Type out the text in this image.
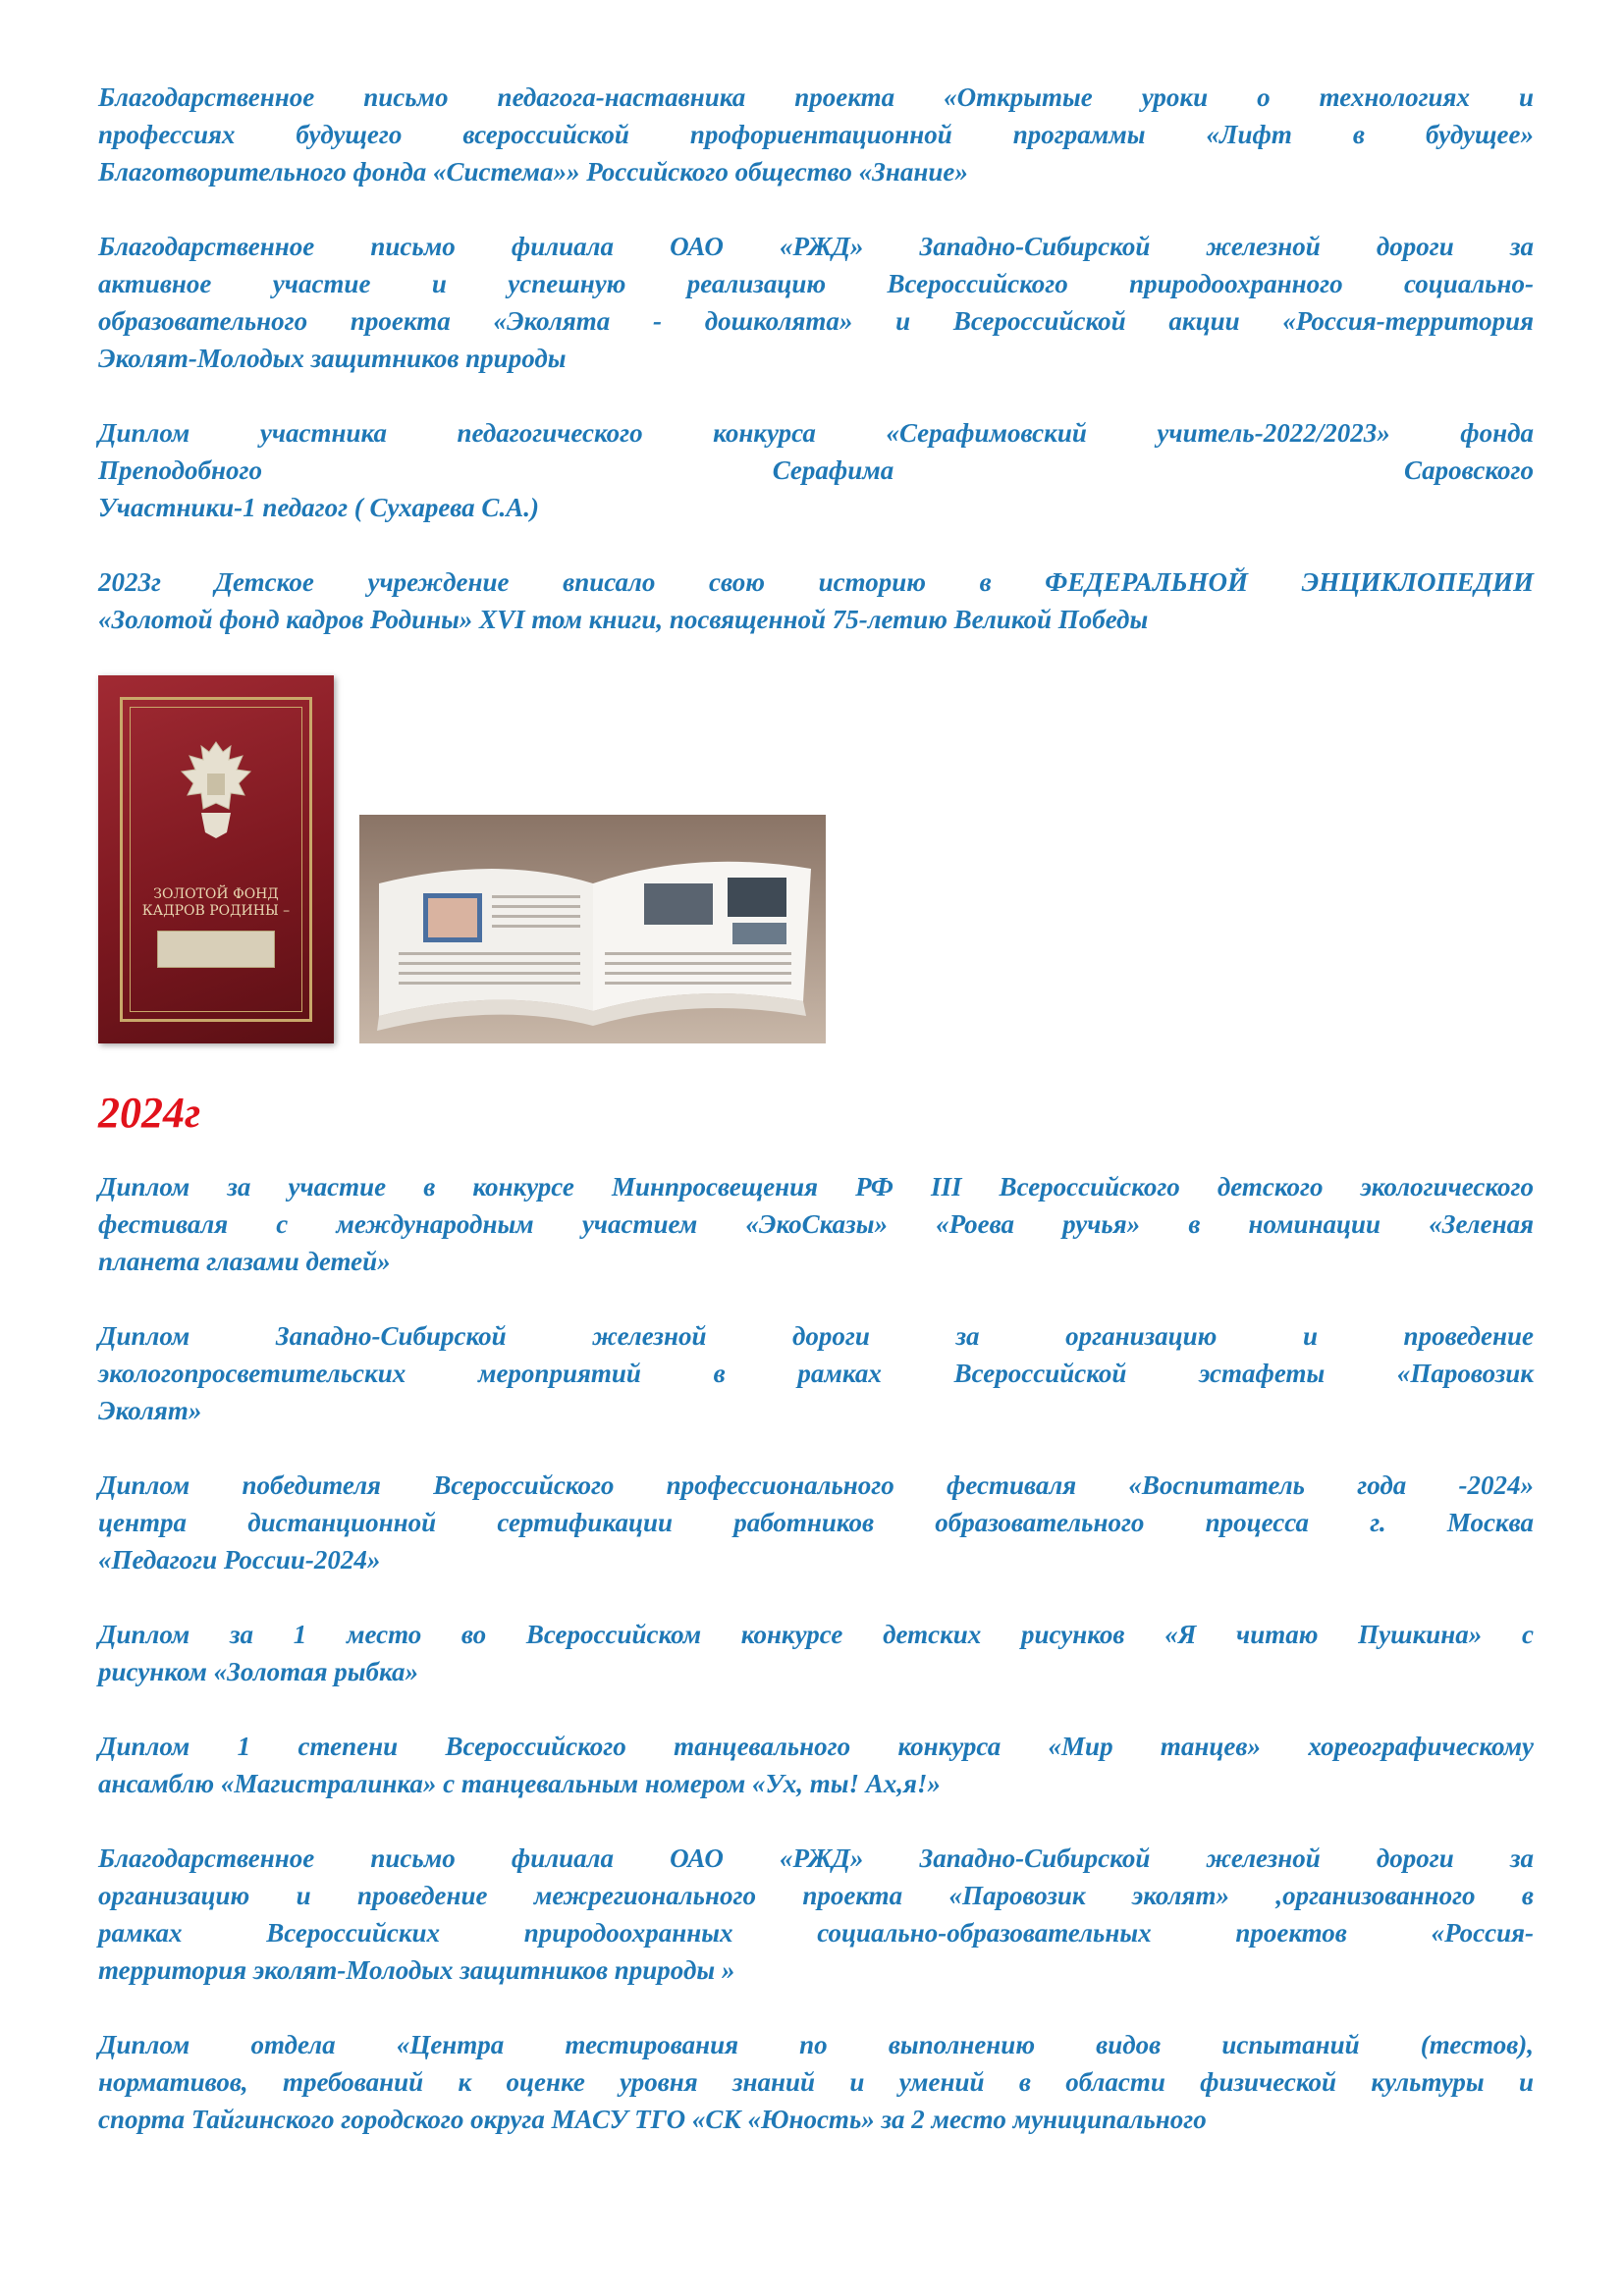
Благодарственное письмо педагога-наставника проекта «Открытые уроки о технологиях и
профессиях будущего всероссийской профориентационной программы «Лифт в будущее»
Благотворительного фонда «Система»» Российского общество «Знание»
Благодарственное письмо филиала ОАО «РЖД» Западно-Сибирской железной дороги за
активное участие и успешную реализацию Всероссийского природоохранного социально-
образовательного проекта «Эколята - дошколята» и Всероссийской акции «Россия-территория
Эколят-Молодых защитников природы
Диплом участника педагогического конкурса «Серафимовский учитель-2022/2023» фонда
Преподобного Серафима Саровского
Участники-1 педагог ( Сухарева С.А.)
2023г Детское учреждение вписало свою историю в ФЕДЕРАЛЬНОЙ ЭНЦИКЛОПЕДИИ
«Золотой фонд кадров Родины» XVI том книги, посвященной 75-летию Великой Победы
ЗОЛОТОЙ ФОНД
КАДРОВ РОДИНЫ –
2024г
Диплом за участие в конкурсе Минпросвещения РФ III Всероссийского детского экологического
фестиваля с международным участием «ЭкоСказы» «Роева ручья» в номинации «Зеленая
планета глазами детей»
Диплом Западно-Сибирской железной дороги за организацию и проведение
экологопросветительских мероприятий в рамках Всероссийской эстафеты «Паровозик
Эколят»
Диплом победителя Всероссийского профессионального фестиваля «Воспитатель года -2024»
центра дистанционной сертификации работников образовательного процесса г. Москва
«Педагоги России-2024»
Диплом за 1 место во Всероссийском конкурсе детских рисунков «Я читаю Пушкина» с
рисунком «Золотая рыбка»
Диплом 1 степени Всероссийского танцевального конкурса «Мир танцев» хореографическому
ансамблю «Магистралинка» с танцевальным номером «Ух, ты! Ах,я!»
Благодарственное письмо филиала ОАО «РЖД» Западно-Сибирской железной дороги за
организацию и проведение межрегионального проекта «Паровозик эколят» ,организованного в
рамках Всероссийских природоохранных социально-образовательных проектов «Россия-
территория эколят-Молодых защитников природы »
Диплом отдела «Центра тестирования по выполнению видов испытаний (тестов),
нормативов, требований к оценке уровня знаний и умений в области физической культуры и
спорта Тайгинского городского округа МАСУ ТГО «СК «Юность» за 2 место муниципального
